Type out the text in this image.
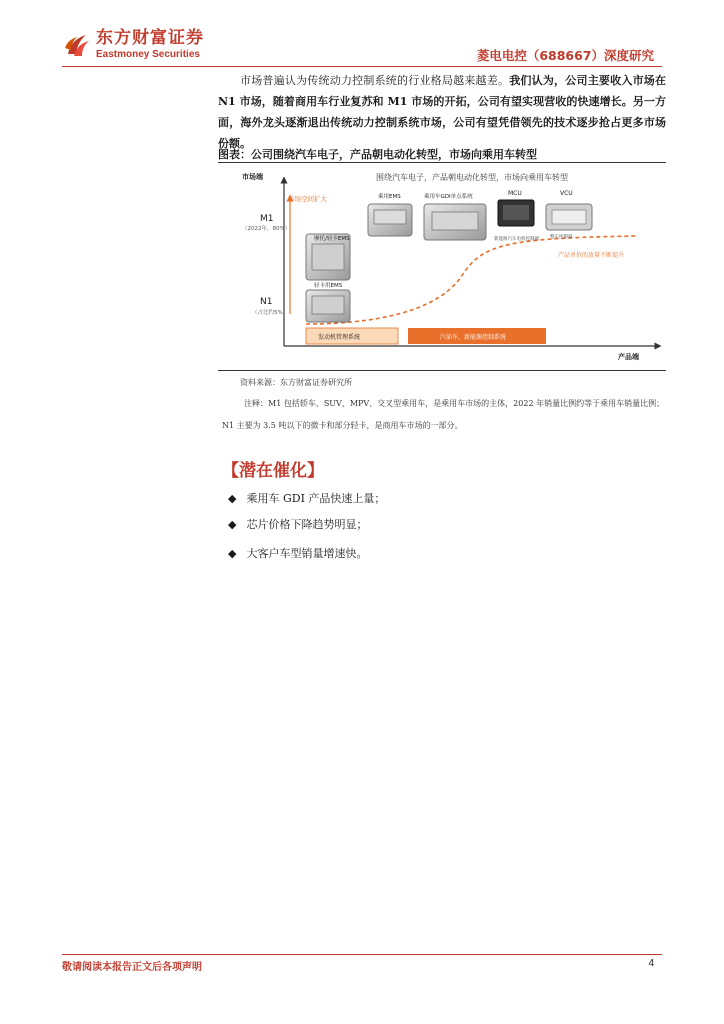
东方财富证券
Eastmoney Securities	菱电电控（688667）深度研究
市场普遍认为传统动力控制系统的行业格局越来越差。我们认为，公司主要收入市场在 N1 市场，随着商用车行业复苏和 M1 市场的开拓，公司有望实现营收的快速增长。另一方面，海外龙头逐渐退出传统动力控制系统市场，公司有望凭借领先的技术逐步抢占更多市场份额。
图表：公司围绕汽车电子，产品朝电动化转型，市场向乘用车转型
围绕汽车电子，产品朝电动化转型，市场向乘用车转型
市场端
产品端
市场空间扩大
M1
（2022年，80%）
N1
（占比约5%）
乘用EMS	乘用车GDI单点系统	MCU	VCU
新能源汽车电机控制器 整车控制器
摩托/轻卡EMS
轻卡用EMS
产品单价的放量不断提升
发动机管理系统	汽油车、新能源控制系统
资料来源：东方财富证券研究所
注释：M1 包括轿车、SUV、MPV、交叉型乘用车，是乘用车市场的主体，2022 年销量比例约等于乘用车销量比例；N1 主要为 3.5 吨以下的微卡和部分轻卡，是商用车市场的一部分。
【潜在催化】
◆ 乘用车 GDI 产品快速上量；
◆ 芯片价格下降趋势明显；
◆ 大客户车型销量增速快。
敬请阅读本报告正文后各项声明	4
